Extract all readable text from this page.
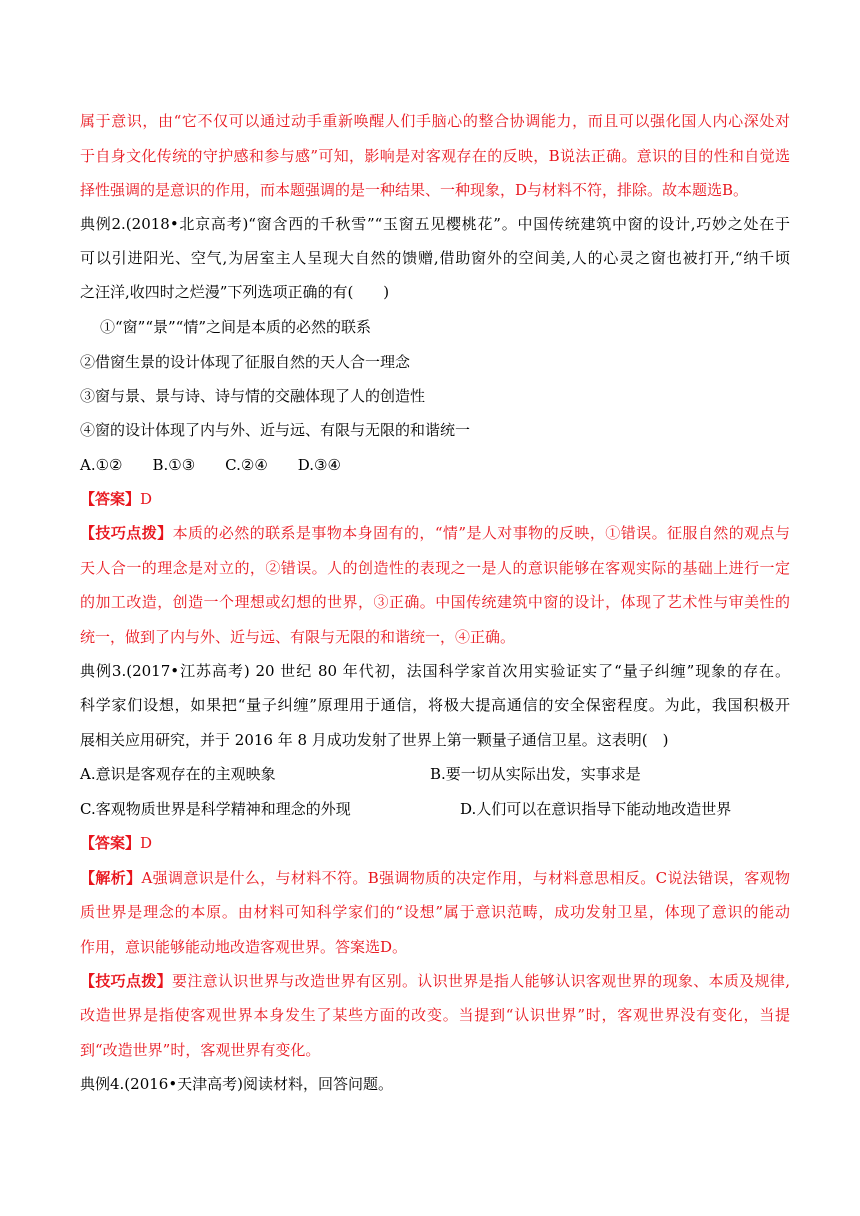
属于意识，由“它不仅可以通过动手重新唤醒人们手脑心的整合协调能力，而且可以强化国人内心深处对
于自身文化传统的守护感和参与感”可知，影响是对客观存在的反映，B说法正确。意识的目的性和自觉选
择性强调的是意识的作用，而本题强调的是一种结果、一种现象，D与材料不符，排除。故本题选B。
典例2.(2018•北京高考)“窗含西的千秋雪”“玉窗五见樱桃花”。中国传统建筑中窗的设计,巧妙之处在于
可以引进阳光、空气,为居室主人呈现大自然的馈赠,借助窗外的空间美,人的心灵之窗也被打开,“纳千顷
之汪洋,收四时之烂漫”下列选项正确的有(　　)
①“窗”“景”“情”之间是本质的必然的联系
②借窗生景的设计体现了征服自然的天人合一理念
③窗与景、景与诗、诗与情的交融体现了人的创造性
④窗的设计体现了内与外、近与远、有限与无限的和谐统一
A.①②　　B.①③　　C.②④　　D.③④
【答案】D
【技巧点拨】本质的必然的联系是事物本身固有的，“情”是人对事物的反映，①错误。征服自然的观点与
天人合一的理念是对立的，②错误。人的创造性的表现之一是人的意识能够在客观实际的基础上进行一定
的加工改造，创造一个理想或幻想的世界，③正确。中国传统建筑中窗的设计，体现了艺术性与审美性的
统一，做到了内与外、近与远、有限与无限的和谐统一，④正确。
典例3.(2017•江苏高考) 20 世纪 80 年代初，法国科学家首次用实验证实了“量子纠缠”现象的存在。
科学家们设想，如果把“量子纠缠”原理用于通信，将极大提高通信的安全保密程度。为此，我国积极开
展相关应用研究，并于 2016 年 8 月成功发射了世界上第一颗量子通信卫星。这表明(　)
A.意识是客观存在的主观映象	B.要一切从实际出发，实事求是
C.客观物质世界是科学精神和理念的外现	D.人们可以在意识指导下能动地改造世界
【答案】D
【解析】A强调意识是什么，与材料不符。B强调物质的决定作用，与材料意思相反。C说法错误，客观物
质世界是理念的本原。由材料可知科学家们的“设想”属于意识范畴，成功发射卫星，体现了意识的能动
作用，意识能够能动地改造客观世界。答案选D。
【技巧点拨】要注意认识世界与改造世界有区别。认识世界是指人能够认识客观世界的现象、本质及规律,
改造世界是指使客观世界本身发生了某些方面的改变。当提到“认识世界”时，客观世界没有变化，当提
到“改造世界”时，客观世界有变化。
典例4.(2016•天津高考)阅读材料，回答问题。
